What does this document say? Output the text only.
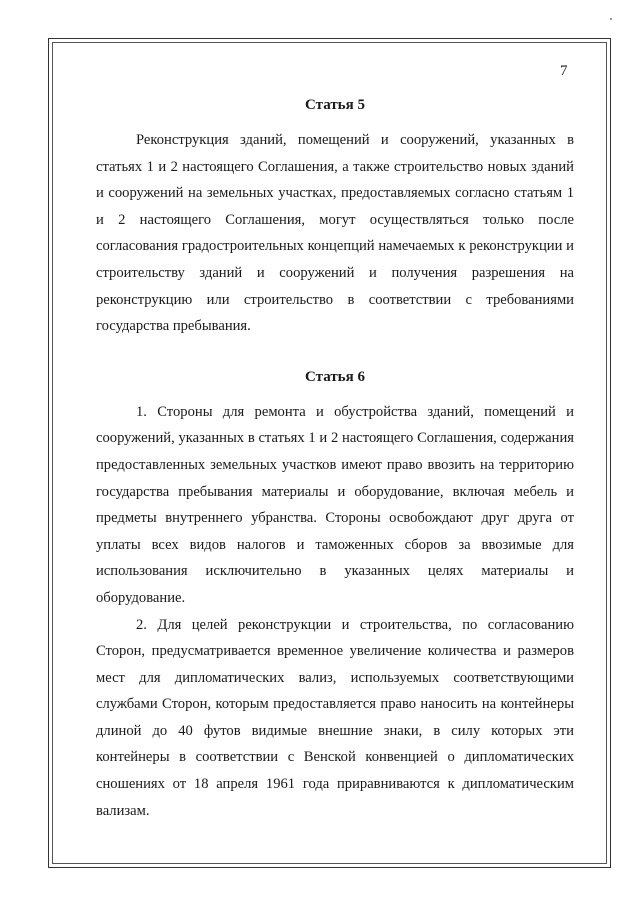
7
Статья 5

Реконструкция зданий, помещений и сооружений, указанных в статьях 1 и 2 настоящего Соглашения, а также строительство новых зданий и сооружений на земельных участках, предоставляемых согласно статьям 1 и 2 настоящего Соглашения, могут осуществляться только после согласования градостроительных концепций намечаемых к реконструкции и строительству зданий и сооружений и получения разрешения на реконструкцию или строительство в соответствии с требованиями государства пребывания.

Статья 6

1. Стороны для ремонта и обустройства зданий, помещений и сооружений, указанных в статьях 1 и 2 настоящего Соглашения, содержания предоставленных земельных участков имеют право ввозить на территорию государства пребывания материалы и оборудование, включая мебель и предметы внутреннего убранства. Стороны освобождают друг друга от уплаты всех видов налогов и таможенных сборов за ввозимые для использования исключительно в указанных целях материалы и оборудование.

2. Для целей реконструкции и строительства, по согласованию Сторон, предусматривается временное увеличение количества и размеров мест для дипломатических вализ, используемых соответствующими службами Сторон, которым предоставляется право наносить на контейнеры длиной до 40 футов видимые внешние знаки, в силу которых эти контейнеры в соответствии с Венской конвенцией о дипломатических сношениях от 18 апреля 1961 года приравниваются к дипломатическим вализам.
